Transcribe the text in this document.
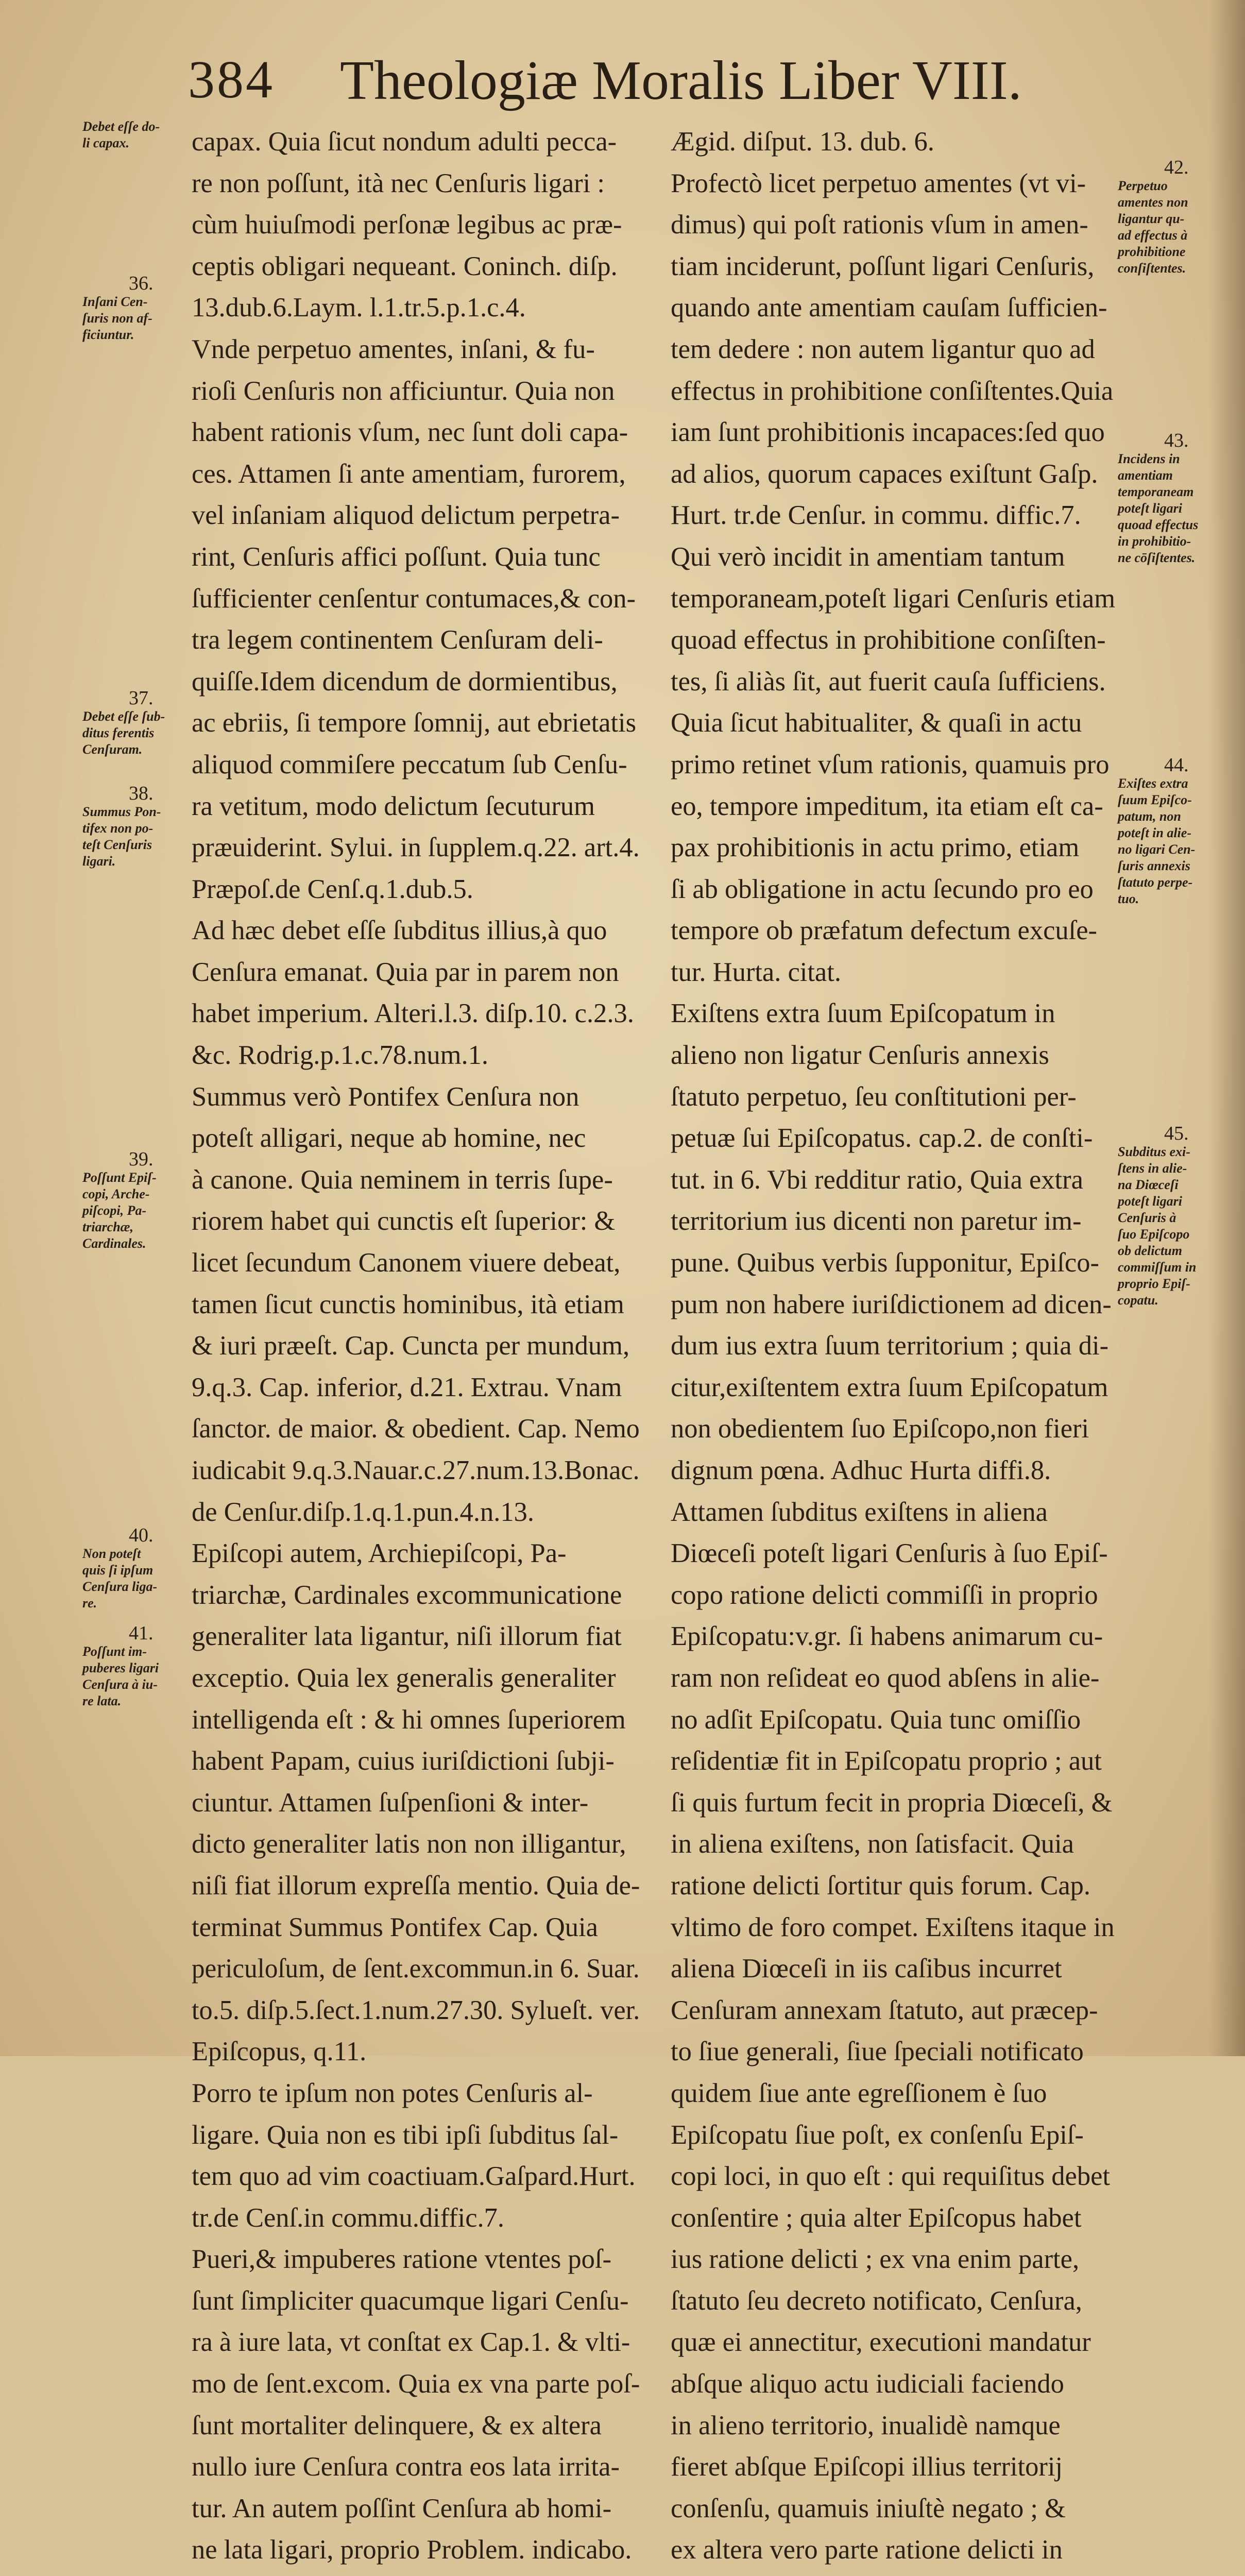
384 Theologiæ Moralis Liber VIII.
capax. Quia ſicut nondum adulti pecca-
re non poſſunt, ità nec Cenſuris ligari :
cùm huiuſmodi perſonæ legibus ac præ-
ceptis obligari nequeant. Coninch. diſp.
13.dub.6.Laym. l.1.tr.5.p.1.c.4.
Vnde perpetuo amentes, inſani, & fu-
rioſi Cenſuris non afficiuntur. Quia non
habent rationis vſum, nec ſunt doli capa-
ces. Attamen ſi ante amentiam, furorem,
vel inſaniam aliquod delictum perpetra-
rint, Cenſuris affici poſſunt. Quia tunc
ſufficienter cenſentur contumaces,& con-
tra legem continentem Cenſuram deli-
quiſſe.Idem dicendum de dormientibus,
ac ebriis, ſi tempore ſomnij, aut ebrietatis
aliquod commiſere peccatum ſub Cenſu-
ra vetitum, modo delictum ſecuturum
præuiderint. Sylui. in ſupplem.q.22. art.4.
Præpoſ.de Cenſ.q.1.dub.5.
Ad hæc debet eſſe ſubditus illius,à quo
Cenſura emanat. Quia par in parem non
habet imperium. Alteri.l.3. diſp.10. c.2.3.
&c. Rodrig.p.1.c.78.num.1.
Summus verò Pontifex Cenſura non
poteſt alligari, neque ab homine, nec
à canone. Quia neminem in terris ſupe-
riorem habet qui cunctis eſt ſuperior: &
licet ſecundum Canonem viuere debeat,
tamen ſicut cunctis hominibus, ità etiam
& iuri præeſt. Cap. Cuncta per mundum,
9.q.3. Cap. inferior, d.21. Extrau. Vnam
ſanctor. de maior. & obedient. Cap. Nemo
iudicabit 9.q.3.Nauar.c.27.num.13.Bonac.
de Cenſur.diſp.1.q.1.pun.4.n.13.
Epiſcopi autem, Archiepiſcopi, Pa-
triarchæ, Cardinales excommunicatione
generaliter lata ligantur, niſi illorum fiat
exceptio. Quia lex generalis generaliter
intelligenda eſt : & hi omnes ſuperiorem
habent Papam, cuius iuriſdictioni ſubji-
ciuntur. Attamen ſuſpenſioni & inter-
dicto generaliter latis non non illigantur,
niſi fiat illorum expreſſa mentio. Quia de-
terminat Summus Pontifex Cap. Quia
periculoſum, de ſent.excommun.in 6. Suar.
to.5. diſp.5.ſect.1.num.27.30. Sylueſt. ver.
Epiſcopus, q.11.
Porro te ipſum non potes Cenſuris al-
ligare. Quia non es tibi ipſi ſubditus ſal-
tem quo ad vim coactiuam.Gaſpard.Hurt.
tr.de Cenſ.in commu.diffic.7.
Pueri,& impuberes ratione vtentes poſ-
ſunt ſimpliciter quacumque ligari Cenſu-
ra à iure lata, vt conſtat ex Cap.1. & vlti-
mo de ſent.excom. Quia ex vna parte poſ-
ſunt mortaliter delinquere, & ex altera
nullo iure Cenſura contra eos lata irrita-
tur. An autem poſſint Cenſura ab homi-
ne lata ligari, proprio Problem. indicabo.
Ægid. diſput. 13. dub. 6.
Profectò licet perpetuo amentes (vt vi-
dimus) qui poſt rationis vſum in amen-
tiam inciderunt, poſſunt ligari Cenſuris,
quando ante amentiam cauſam ſufficien-
tem dedere : non autem ligantur quo ad
effectus in prohibitione conſiſtentes.Quia
iam ſunt prohibitionis incapaces:ſed quo
ad alios, quorum capaces exiſtunt Gaſp.
Hurt. tr.de Cenſur. in commu. diffic.7.
Qui verò incidit in amentiam tantum
temporaneam,poteſt ligari Cenſuris etiam
quoad effectus in prohibitione conſiſten-
tes, ſi aliàs ſit, aut fuerit cauſa ſufficiens.
Quia ſicut habitualiter, & quaſi in actu
primo retinet vſum rationis, quamuis pro
eo, tempore impeditum, ita etiam eſt ca-
pax prohibitionis in actu primo, etiam
ſi ab obligatione in actu ſecundo pro eo
tempore ob præfatum defectum excuſe-
tur. Hurta. citat.
Exiſtens extra ſuum Epiſcopatum in
alieno non ligatur Cenſuris annexis
ſtatuto perpetuo, ſeu conſtitutioni per-
petuæ ſui Epiſcopatus. cap.2. de conſti-
tut. in 6. Vbi redditur ratio, Quia extra
territorium ius dicenti non paretur im-
pune. Quibus verbis ſupponitur, Epiſco-
pum non habere iuriſdictionem ad dicen-
dum ius extra ſuum territorium ; quia di-
citur,exiſtentem extra ſuum Epiſcopatum
non obedientem ſuo Epiſcopo,non fieri
dignum pœna. Adhuc Hurta diffi.8.
Attamen ſubditus exiſtens in aliena
Diœceſi poteſt ligari Cenſuris à ſuo Epiſ-
copo ratione delicti commiſſi in proprio
Epiſcopatu:v.gr. ſi habens animarum cu-
ram non reſideat eo quod abſens in alie-
no adſit Epiſcopatu. Quia tunc omiſſio
reſidentiæ fit in Epiſcopatu proprio ; aut
ſi quis furtum fecit in propria Diœceſi, &
in aliena exiſtens, non ſatisfacit. Quia
ratione delicti ſortitur quis forum. Cap.
vltimo de foro compet. Exiſtens itaque in
aliena Diœceſi in iis caſibus incurret
Cenſuram annexam ſtatuto, aut præcep-
to ſiue generali, ſiue ſpeciali notificato
quidem ſiue ante egreſſionem è ſuo
Epiſcopatu ſiue poſt, ex conſenſu Epiſ-
copi loci, in quo eſt : qui requiſitus debet
conſentire ; quia alter Epiſcopus habet
ius ratione delicti ; ex vna enim parte,
ſtatuto ſeu decreto notificato, Cenſura,
quæ ei annectitur, executioni mandatur
abſque aliquo actu iudiciali faciendo
in alieno territorio, inualidè namque
fieret abſque Epiſcopi illius territorij
conſenſu, quamuis iniuſtè negato ; &
ex altera vero parte ratione delicti in
Debet eſſe do-
li capax.
36.
Inſani Cen-
ſuris non af-
ficiuntur.
37.
Debet eſſe ſub-
ditus ferentis
Cenſuram.
38.
Summus Pon-
tifex non po-
teſt Cenſuris
ligari.
39.
Poſſunt Epiſ-
copi, Arche-
piſcopi, Pa-
triarchæ,
Cardinales.
40.
Non poteſt
quis ſi ipſum
Cenſura liga-
re.
41.
Poſſunt im-
puberes ligari
Cenſura à iu-
re lata.
42.
Perpetuo
amentes non
ligantur qu-
ad effectus à
prohibitione
conſiſtentes.
43.
Incidens in
amentiam
temporaneam
poteſt ligari
quoad effectus
in prohibitio-
ne cōſiſtentes.
44.
Exiſtes extra
ſuum Epiſco-
patum, non
poteſt in alie-
no ligari Cen-
ſuris annexis
ſtatuto perpe-
tuo.
45.
Subditus exi-
ſtens in alie-
na Diœceſi
poteſt ligari
Cenſuris à
ſuo Epiſcopo
ob delictum
commiſſum in
proprio Epiſ-
copatu.
